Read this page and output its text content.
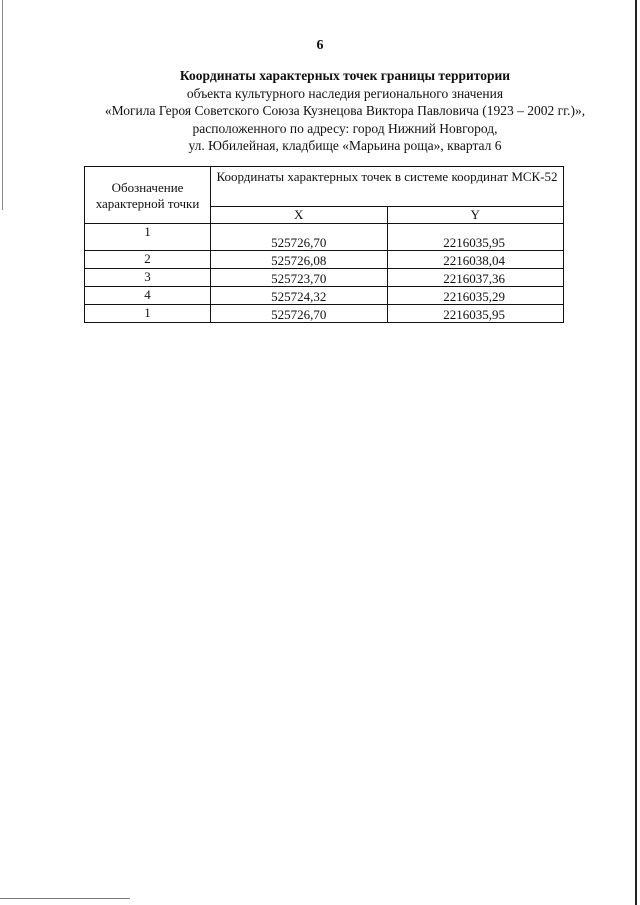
6
Координаты характерных точек границы территории
объекта культурного наследия регионального значения
«Могила Героя Советского Союза Кузнецова Виктора Павловича (1923 – 2002 гг.)»,
расположенного по адресу: город Нижний Новгород,
ул. Юбилейная, кладбище «Марьина роща», квартал 6
Обозначение характерной точки	Координаты характерных точек в системе координат МСК-52	
	X	Y
1	525726,70	2216035,95
2	525726,08	2216038,04
3	525723,70	2216037,36
4	525724,32	2216035,29
1	525726,70	2216035,95
